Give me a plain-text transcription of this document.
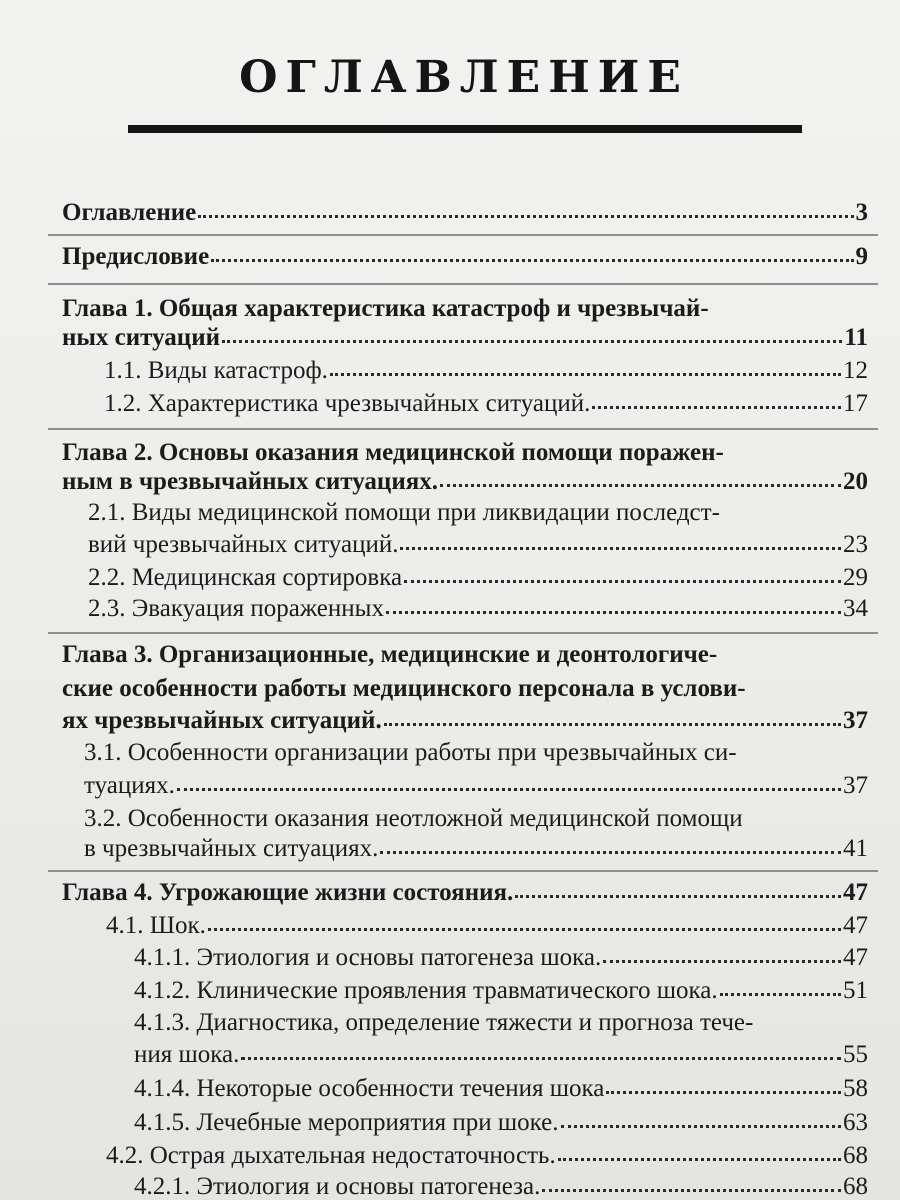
ОГЛАВЛЕНИЕ
Оглавление	3
Предисловие	9
Глава 1. Общая характеристика катастроф и чрезвычай-
ных ситуаций	11
1.1. Виды катастроф.	12
1.2. Характеристика чрезвычайных ситуаций.	17
Глава 2. Основы оказания медицинской помощи поражен-
ным в чрезвычайных ситуациях.	20
2.1. Виды медицинской помощи при ликвидации последст-
вий чрезвычайных ситуаций.	23
2.2. Медицинская сортировка	29
2.3. Эвакуация пораженных	34
Глава 3. Организационные, медицинские и деонтологиче-
ские особенности работы медицинского персонала в услови-
ях чрезвычайных ситуаций.	37
3.1. Особенности организации работы при чрезвычайных си-
туациях.	37
3.2. Особенности оказания неотложной медицинской помощи
в чрезвычайных ситуациях.	41
Глава 4. Угрожающие жизни состояния.	47
4.1. Шок.	47
4.1.1. Этиология и основы патогенеза шока.	47
4.1.2. Клинические проявления травматического шока.	51
4.1.3. Диагностика, определение тяжести и прогноза тече-
ния шока.	55
4.1.4. Некоторые особенности течения шока	58
4.1.5. Лечебные мероприятия при шоке.	63
4.2. Острая дыхательная недостаточность.	68
4.2.1. Этиология и основы патогенеза.	68
